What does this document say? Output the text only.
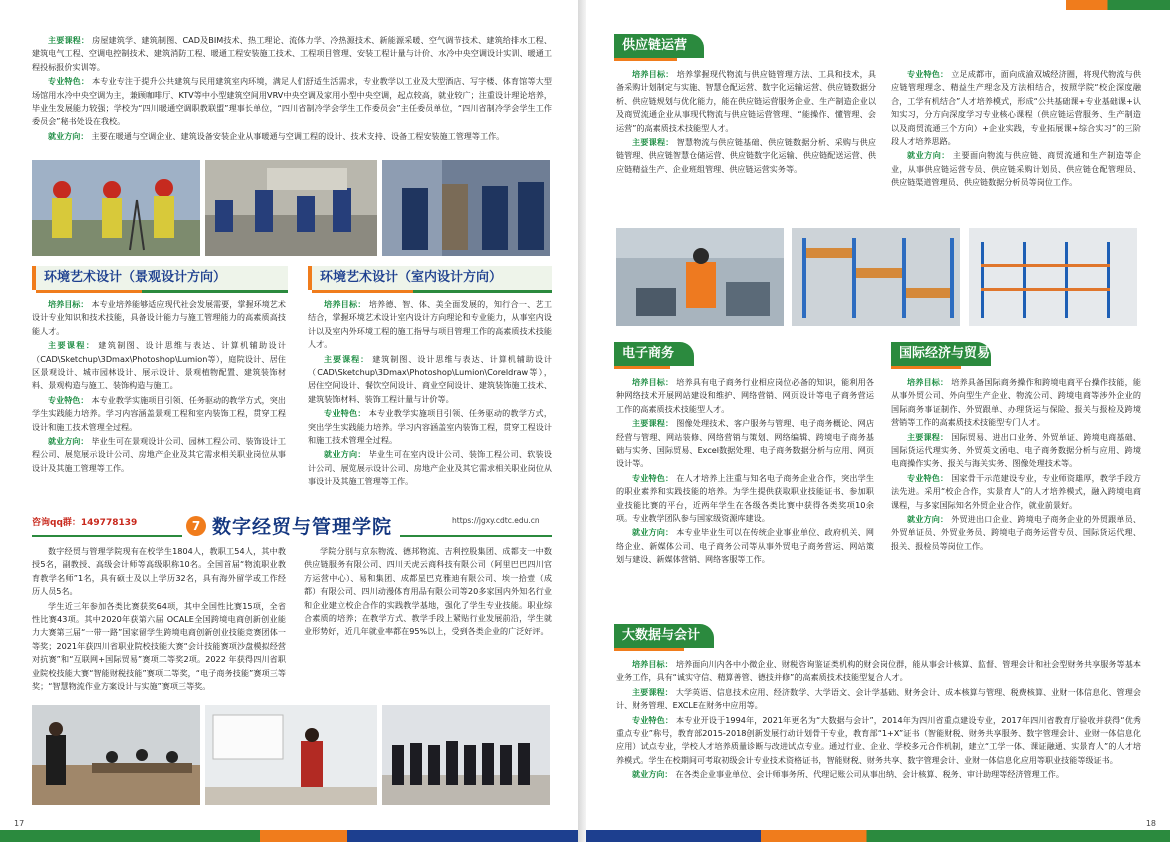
主要课程： 房屋建筑学、建筑制图、CAD及BIM技术、热工理论、流体力学、冷热源技术、新能源采暖、空气调节技术、建筑给排水工程、建筑电气工程、空调电控制技术、建筑消防工程、暖通工程安装施工技术、工程项目管理、安装工程计量与计价、水冷中央空调设计实训、暖通工程投标报价实训等。

专业特色： 本专业专注于提升公共建筑与民用建筑室内环境，满足人们舒适生活需求，专业教学以工业及大型酒店、写字楼、体育馆等大型场馆用水冷中央空调为主，兼顾咖啡厅、KTV等中小型建筑空间用VRV中央空调及家用小型中央空调，起点较高，就业较广；注重设计理论培养，毕业生发展能力较强；学校为“四川暖通空调职教联盟”理事长单位，“四川省制冷学会学生工作委员会”主任委员单位，“四川省制冷学会学生工作委员会”秘书处设在我校。

就业方向： 主要在暖通与空调企业、建筑设备安装企业从事暖通与空调工程的设计、技术支持、设备工程安装施工管理等工作。

环境艺术设计（景观设计方向）	环境艺术设计（室内设计方向）

培养目标： 本专业培养能够适应现代社会发展需要，掌握环境艺术设计专业知识和技术技能，具备设计能力与施工管理能力的高素质高技能人才。

主要课程： 建筑制图、设计思维与表达、计算机辅助设计（CAD\Sketchup\3Dmax\Photoshop\Lumion等），庭院设计、居住区景观设计、城市园林设计、展示设计、景观植物配置、建筑装饰材料、景观构造与施工、装饰构造与施工。

专业特色： 本专业教学实施项目引领、任务驱动的教学方式，突出学生实践能力培养。学习内容涵盖景观工程和室内装饰工程，贯穿工程设计和施工技术管理全过程。

就业方向： 毕业生可在景观设计公司、园林工程公司、装饰设计工程公司、展览展示设计公司、房地产企业及其它需求相关职业岗位从事设计及其施工管理等工作。

培养目标： 培养德、智、体、美全面发展的，知行合一、艺工结合，掌握环境艺术设计室内设计方向理论和专业能力，从事室内设计以及室内外环境工程的施工指导与项目管理工作的高素质技术技能人才。

主要课程： 建筑制图、设计思维与表达、计算机辅助设计（CAD\Sketchup\3Dmax\Photoshop\Lumion\Coreldraw等），居住空间设计、餐饮空间设计、商业空间设计、建筑装饰施工技术、建筑装饰材料、装饰工程计量与计价等。

专业特色： 本专业教学实施项目引领、任务驱动的教学方式，突出学生实践能力培养。学习内容涵盖室内装饰工程，贯穿工程设计和施工技术管理全过程。

就业方向： 毕业生可在室内设计公司、装饰工程公司、软装设计公司、展览展示设计公司、房地产企业及其它需求相关职业岗位从事设计及其施工管理等工作。

咨询qq群：149778139	7 数字经贸与管理学院	https://jgxy.cdtc.edu.cn

数字经贸与管理学院现有在校学生1804人，教职工54人，其中教授5名，副教授、高级会计师等高级职称10名。全国首届“物流职业教育教学名师”1名，具有硕士及以上学历32名，具有海外留学或工作经历人员5名。

学生近三年参加各类比赛获奖64项，其中全国性比赛15项，全省性比赛43项。其中2020年获第六届 OCALE全国跨境电商创新创业能力大赛第三届“一带一路”国家留学生跨境电商创新创业技能竞赛团体一等奖；2021年获四川省职业院校技能大赛“会计技能赛项沙盘模拟经营对抗赛”和“互联网+国际贸易”赛项二等奖2项。2022 年获得四川省职业院校技能大赛“智能财税技能”赛项二等奖，“电子商务技能”赛项三等奖；“智慧物流作业方案设计与实施”赛项三等奖。

学院分别与京东物流、德邦物流、吉利控股集团、成都支一中数供应链服务有限公司、四川天虎云商科技有限公司（阿里巴巴四川官方运营中心）、易和集团、成都星巴克雅迪有限公司、埃一拾壹（成都）有限公司、四川动漫体育用品有限公司等20多家国内外知名行业和企业建立校企合作的实践教学基地，强化了学生专业技能。职业综合素质的培养；在教学方式、教学手段上紧贴行业发展前沿，学生就业形势好，近几年就业率都在95%以上，受到各类企业的广泛好评。

17
供应链运营

培养目标： 培养掌握现代物流与供应链管理方法、工具和技术，具备采购计划制定与实施、智慧仓配运营、数字化运输运营、供应链数据分析、供应链规划与优化能力，能在供应链运营服务企业、生产制造企业以及商贸流通企业从事现代物流与供应链运营管理、“能操作、懂管理、会运营”的高素质技术技能型人才。

主要课程： 智慧物流与供应链基础、供应链数据分析、采购与供应链管理、供应链智慧仓储运营、供应链数字化运输、供应链配送运营、供应链精益生产、企业班组管理、供应链运营实务等。

专业特色： 立足成都市，面向成渝双城经济圈，将现代物流与供应链管理理念、精益生产理念及方法相结合，按照学院“校企深度融合，工学有机结合”人才培养模式，形成“公共基础课+专业基础课+认知实习，分方向深度学习专业核心课程（供应链运营服务、生产制造以及商贸流通三个方向）+企业实践，专业拓展课+综合实习”的三阶段人才培养思路。

就业方向： 主要面向物流与供应链、商贸流通和生产制造等企业，从事供应链运营专员、供应链采购计划员、供应链仓配管理员、供应链渠道管理员、供应链数据分析员等岗位工作。

电子商务	国际经济与贸易

培养目标： 培养具有电子商务行业相应岗位必备的知识，能利用各种网络技术开展网站建设和维护、网络营销、网页设计等电子商务营运工作的高素质技术技能型人才。

主要课程： 图像处理技术、客户服务与管理、电子商务概论、网店经营与管理、网站装修、网络营销与策划、网络编辑、跨境电子商务基础与实务、国际贸易、Excel数据处理、电子商务数据分析与应用、网页设计等。

专业特色： 在人才培养上注重与知名电子商务企业合作，突出学生的职业素养和实践技能的培养。为学生提供获取职业技能证书、参加职业技能比赛的平台，近两年学生在各级各类比赛中获得各类奖项10余项。专业教学团队参与国家级资源库建设。

就业方向： 本专业毕业生可以在传统企业事业单位、政府机关、网络企业、新媒体公司、电子商务公司等从事外贸电子商务营运、网站策划与建设、新媒体营销、网络客服等工作。

培养目标： 培养具备国际商务操作和跨境电商平台操作技能，能从事外贸公司、外向型生产企业、物流公司、跨境电商等涉外企业的国际商务事证制作、外贸跟单、办理货运与保险、报关与报检及跨境营销等工作的高素质技术技能型专门人才。

主要课程： 国际贸易、进出口业务、外贸单证、跨境电商基础、国际货运代理实务、外贸英文函电、电子商务数据分析与应用、跨境电商操作实务、报关与海关实务、图像处理技术等。

专业特色： 国家骨干示范建设专业，专业师资雄厚，教学手段方法先进。采用“校企合作，实景育人”的人才培养模式，融入跨境电商课程，与多家国际知名外贸企业合作，就业前景好。

就业方向： 外贸进出口企业、跨境电子商务企业的外贸跟单员、外贸单证员、外贸业务员、跨境电子商务运营专员、国际货运代理、报关、报检员等岗位工作。

大数据与会计

培养目标： 培养面向川内各中小微企业、财税咨询鉴证类机构的财会岗位群，能从事会计核算、监督、管理会计和社会型财务共享服务等基本业务工作，具有“诚实守信、精算善管、德技并修”的高素质技术技能型复合人才。

主要课程： 大学英语、信息技术应用、经济数学、大学语文、会计学基础、财务会计、成本核算与管理、税费核算、业财一体信息化、管理会计、财务管理、EXCLE在财务中应用等。

专业特色： 本专业开设于1994年，2021年更名为“大数据与会计”，2014年为四川省重点建设专业，2017年四川省教育厅验收并获得“优秀重点专业”称号，教育部2015-2018创新发展行动计划骨干专业，教育部“1+X”证书（智能财税、财务共享服务、数字管理会计、业财一体信息化应用）试点专业，学校人才培养质量诊断与改进试点专业。通过行业、企业、学校多元合作机制，建立“工学一体、课证融通、实景育人”的人才培养模式。学生在校期间可考取初级会计专业技术资格证书，智能财税、财务共享、数字管理会计、业财一体信息化应用等职业技能等级证书。

就业方向： 在各类企业事业单位、会计师事务所、代理记账公司从事出纳、会计核算、税务、审计助理等经济管理工作。

18
